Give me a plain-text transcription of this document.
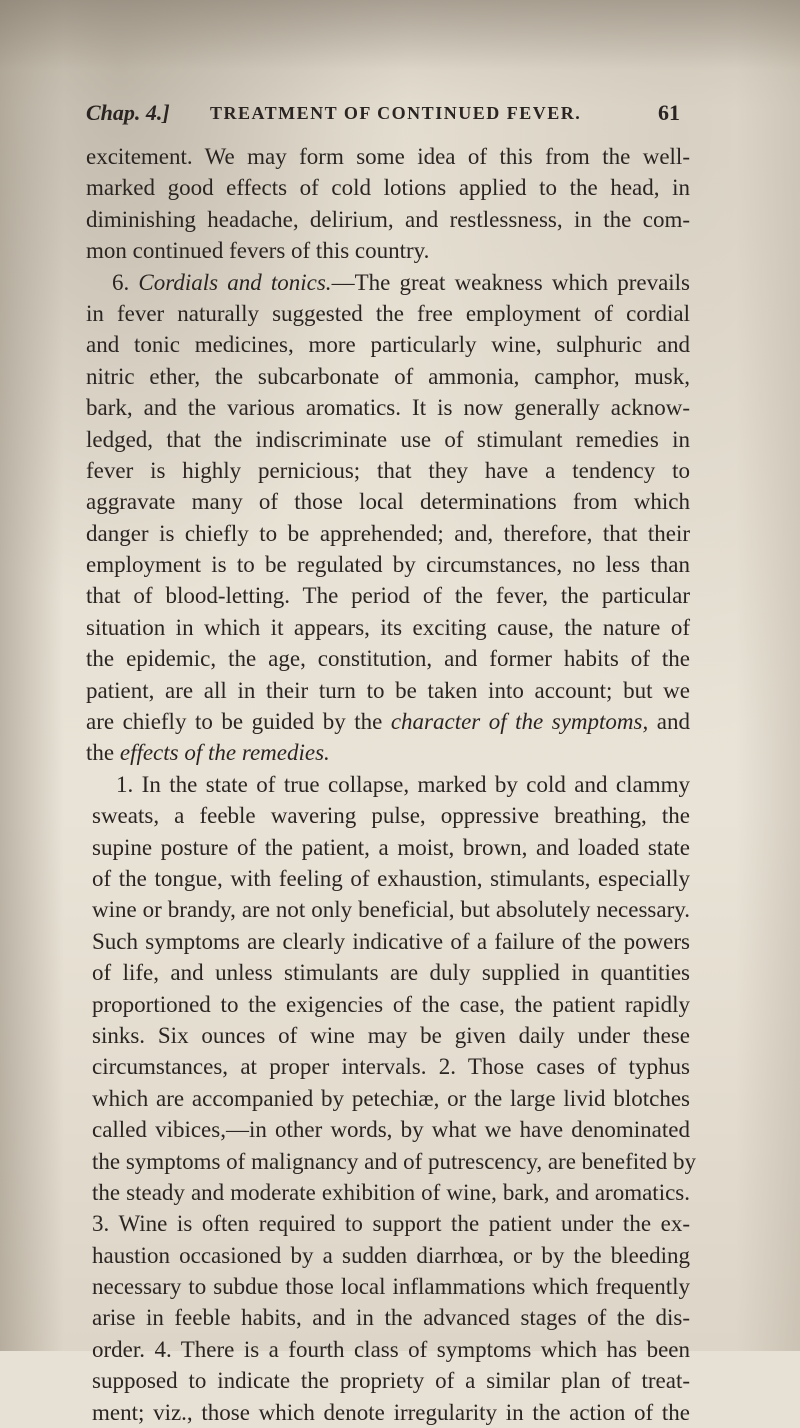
Chap. 4.] TREATMENT OF CONTINUED FEVER.	61
excitement. We may form some idea of this from the well-
marked good effects of cold lotions applied to the head, in
diminishing headache, delirium, and restlessness, in the com-
mon continued fevers of this country.
6. Cordials and tonics.—The great weakness which prevails
in fever naturally suggested the free employment of cordial
and tonic medicines, more particularly wine, sulphuric and
nitric ether, the subcarbonate of ammonia, camphor, musk,
bark, and the various aromatics. It is now generally acknow-
ledged, that the indiscriminate use of stimulant remedies in
fever is highly pernicious; that they have a tendency to
aggravate many of those local determinations from which
danger is chiefly to be apprehended; and, therefore, that their
employment is to be regulated by circumstances, no less than
that of blood-letting. The period of the fever, the particular
situation in which it appears, its exciting cause, the nature of
the epidemic, the age, constitution, and former habits of the
patient, are all in their turn to be taken into account; but we
are chiefly to be guided by the character of the symptoms, and
the effects of the remedies.
1. In the state of true collapse, marked by cold and clammy
sweats, a feeble wavering pulse, oppressive breathing, the
supine posture of the patient, a moist, brown, and loaded state
of the tongue, with feeling of exhaustion, stimulants, especially
wine or brandy, are not only beneficial, but absolutely necessary.
Such symptoms are clearly indicative of a failure of the powers
of life, and unless stimulants are duly supplied in quantities
proportioned to the exigencies of the case, the patient rapidly
sinks. Six ounces of wine may be given daily under these
circumstances, at proper intervals. 2. Those cases of typhus
which are accompanied by petechiæ, or the large livid blotches
called vibices,—in other words, by what we have denominated
the symptoms of malignancy and of putrescency, are benefited by
the steady and moderate exhibition of wine, bark, and aromatics.
3. Wine is often required to support the patient under the ex-
haustion occasioned by a sudden diarrhœa, or by the bleeding
necessary to subdue those local inflammations which frequently
arise in feeble habits, and in the advanced stages of the dis-
order. 4. There is a fourth class of symptoms which has been
supposed to indicate the propriety of a similar plan of treat-
ment; viz., those which denote irregularity in the action of the
